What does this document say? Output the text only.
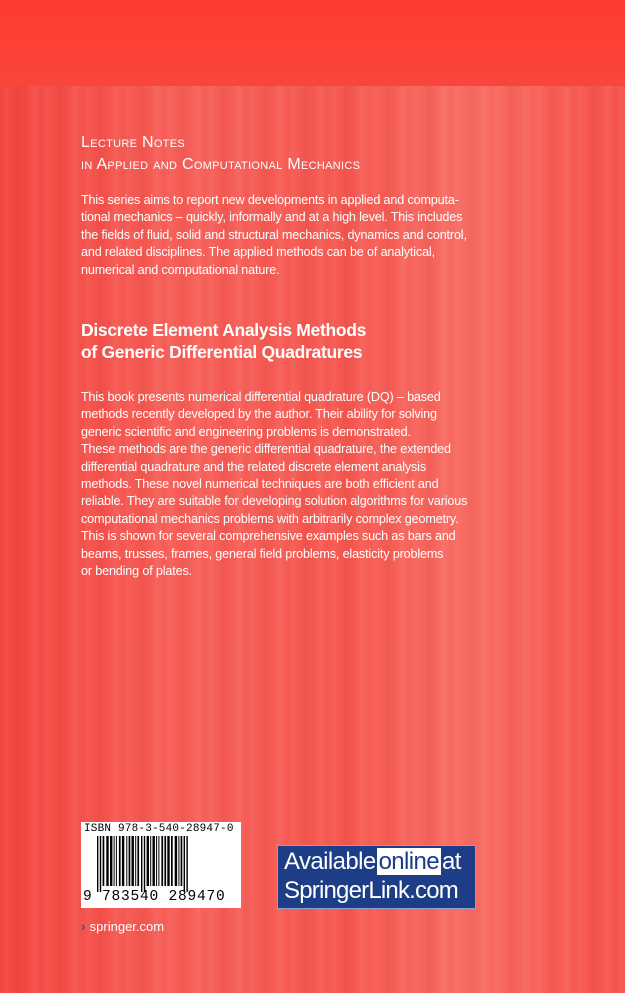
Lecture Notes
in Applied and Computational Mechanics

This series aims to report new developments in applied and computa-
tional mechanics – quickly, informally and at a high level. This includes
the fields of fluid, solid and structural mechanics, dynamics and control,
and related disciplines. The applied methods can be of analytical,
numerical and computational nature.

Discrete Element Analysis Methods
of Generic Differential Quadratures

This book presents numerical differential quadrature (DQ) – based
methods recently developed by the author. Their ability for solving
generic scientific and engineering problems is demonstrated.
These methods are the generic differential quadrature, the extended
differential quadrature and the related discrete element analysis
methods. These novel numerical techniques are both efficient and
reliable. They are suitable for developing solution algorithms for various
computational mechanics problems with arbitrarily complex geometry.
This is shown for several comprehensive examples such as bars and
beams, trusses, frames, general field problems, elasticity problems
or bending of plates.

ISBN 978-3-540-28947-0
9 783540 289470
Available online at
SpringerLink.com
› springer.com
